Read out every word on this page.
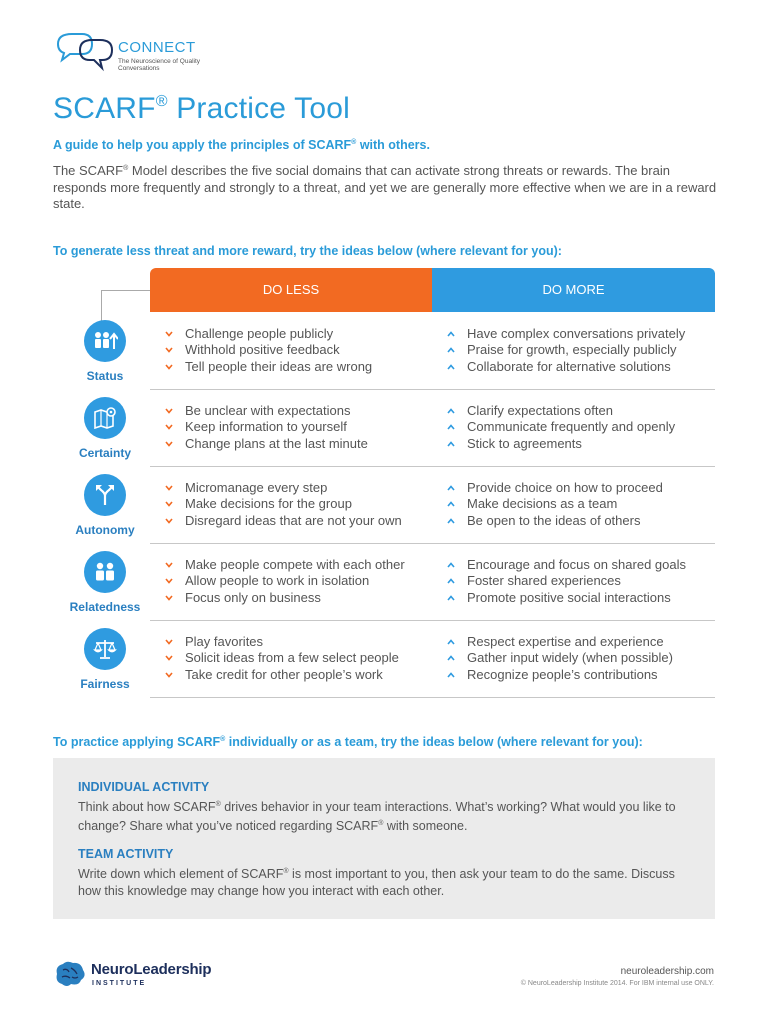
CONNECT
The Neuroscience of Quality Conversations
SCARF® Practice Tool
A guide to help you apply the principles of SCARF® with others.

The SCARF® Model describes the five social domains that can activate strong threats or rewards. The brain responds more frequently and strongly to a threat, and yet we are generally more effective when we are in a reward state.

To generate less threat and more reward, try the ideas below (where relevant for you):
DO LESS	DO MORE
Status
Challenge people publicly
Withhold positive feedback
Tell people their ideas are wrong
Have complex conversations privately
Praise for growth, especially publicly
Collaborate for alternative solutions
Certainty
Be unclear with expectations
Keep information to yourself
Change plans at the last minute
Clarify expectations often
Communicate frequently and openly
Stick to agreements
Autonomy
Micromanage every step
Make decisions for the group
Disregard ideas that are not your own
Provide choice on how to proceed
Make decisions as a team
Be open to the ideas of others
Relatedness
Make people compete with each other
Allow people to work in isolation
Focus only on business
Encourage and focus on shared goals
Foster shared experiences
Promote positive social interactions
Fairness
Play favorites
Solicit ideas from a few select people
Take credit for other people’s work
Respect expertise and experience
Gather input widely (when possible)
Recognize people’s contributions
To practice applying SCARF® individually or as a team, try the ideas below (where relevant for you):
INDIVIDUAL ACTIVITY

Think about how SCARF® drives behavior in your team interactions. What’s working? What would you like to change? Share what you’ve noticed regarding SCARF® with someone.

TEAM ACTIVITY

Write down which element of SCARF® is most important to you, then ask your team to do the same. Discuss how this knowledge may change how you interact with each other.

NeuroLeadership
INSTITUTE
neuroleadership.com
© NeuroLeadership Institute 2014. For IBM internal use ONLY.
